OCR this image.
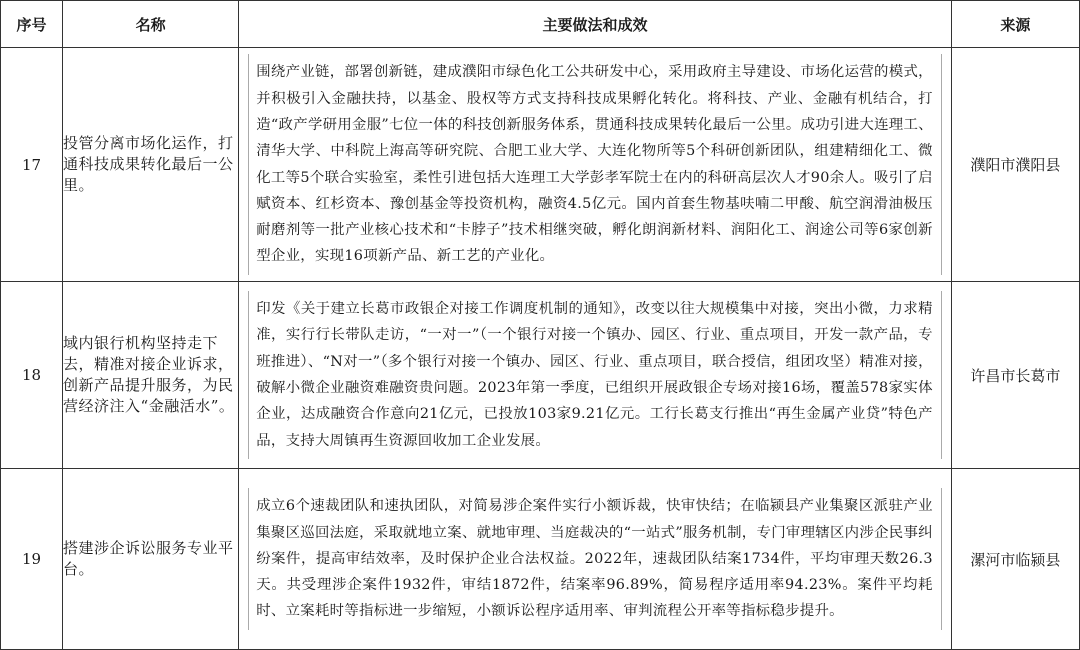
序号	名称	主要做法和成效	来源
17	投管分离市场化运作，打通科技成果转化最后一公里。	围绕产业链，部署创新链，建成濮阳市绿色化工公共研发中心，采用政府主导建设、市场化运营的模式，并积极引入金融扶持，以基金、股权等方式支持科技成果孵化转化。将科技、产业、金融有机结合，打造“政产学研用金服”七位一体的科技创新服务体系，贯通科技成果转化最后一公里。成功引进大连理工、清华大学、中科院上海高等研究院、合肥工业大学、大连化物所等5个科研创新团队，组建精细化工、微化工等5个联合实验室，柔性引进包括大连理工大学彭孝军院士在内的科研高层次人才90余人。吸引了启赋资本、红杉资本、豫创基金等投资机构，融资4.5亿元。国内首套生物基呋喃二甲酸、航空润滑油极压耐磨剂等一批产业核心技术和“卡脖子”技术相继突破，孵化朗润新材料、润阳化工、润途公司等6家创新型企业，实现16项新产品、新工艺的产业化。	濮阳市濮阳县
18	域内银行机构坚持走下去，精准对接企业诉求，创新产品提升服务，为民营经济注入“金融活水”。	印发《关于建立长葛市政银企对接工作调度机制的通知》，改变以往大规模集中对接，突出小微，力求精准，实行行长带队走访，“一对一”（一个银行对接一个镇办、园区、行业、重点项目，开发一款产品，专班推进）、“N对一”（多个银行对接一个镇办、园区、行业、重点项目，联合授信，组团攻坚）精准对接，破解小微企业融资难融资贵问题。2023年第一季度，已组织开展政银企专场对接16场，覆盖578家实体企业，达成融资合作意向21亿元，已投放103家9.21亿元。工行长葛支行推出“再生金属产业贷”特色产品，支持大周镇再生资源回收加工企业发展。	许昌市长葛市
19	搭建涉企诉讼服务专业平台。	成立6个速裁团队和速执团队，对简易涉企案件实行小额诉裁，快审快结；在临颍县产业集聚区派驻产业集聚区巡回法庭，采取就地立案、就地审理、当庭裁决的“一站式”服务机制，专门审理辖区内涉企民事纠纷案件，提高审结效率，及时保护企业合法权益。2022年，速裁团队结案1734件，平均审理天数26.3天。共受理涉企案件1932件，审结1872件，结案率96.89%，简易程序适用率94.23%。案件平均耗时、立案耗时等指标进一步缩短，小额诉讼程序适用率、审判流程公开率等指标稳步提升。	漯河市临颍县
